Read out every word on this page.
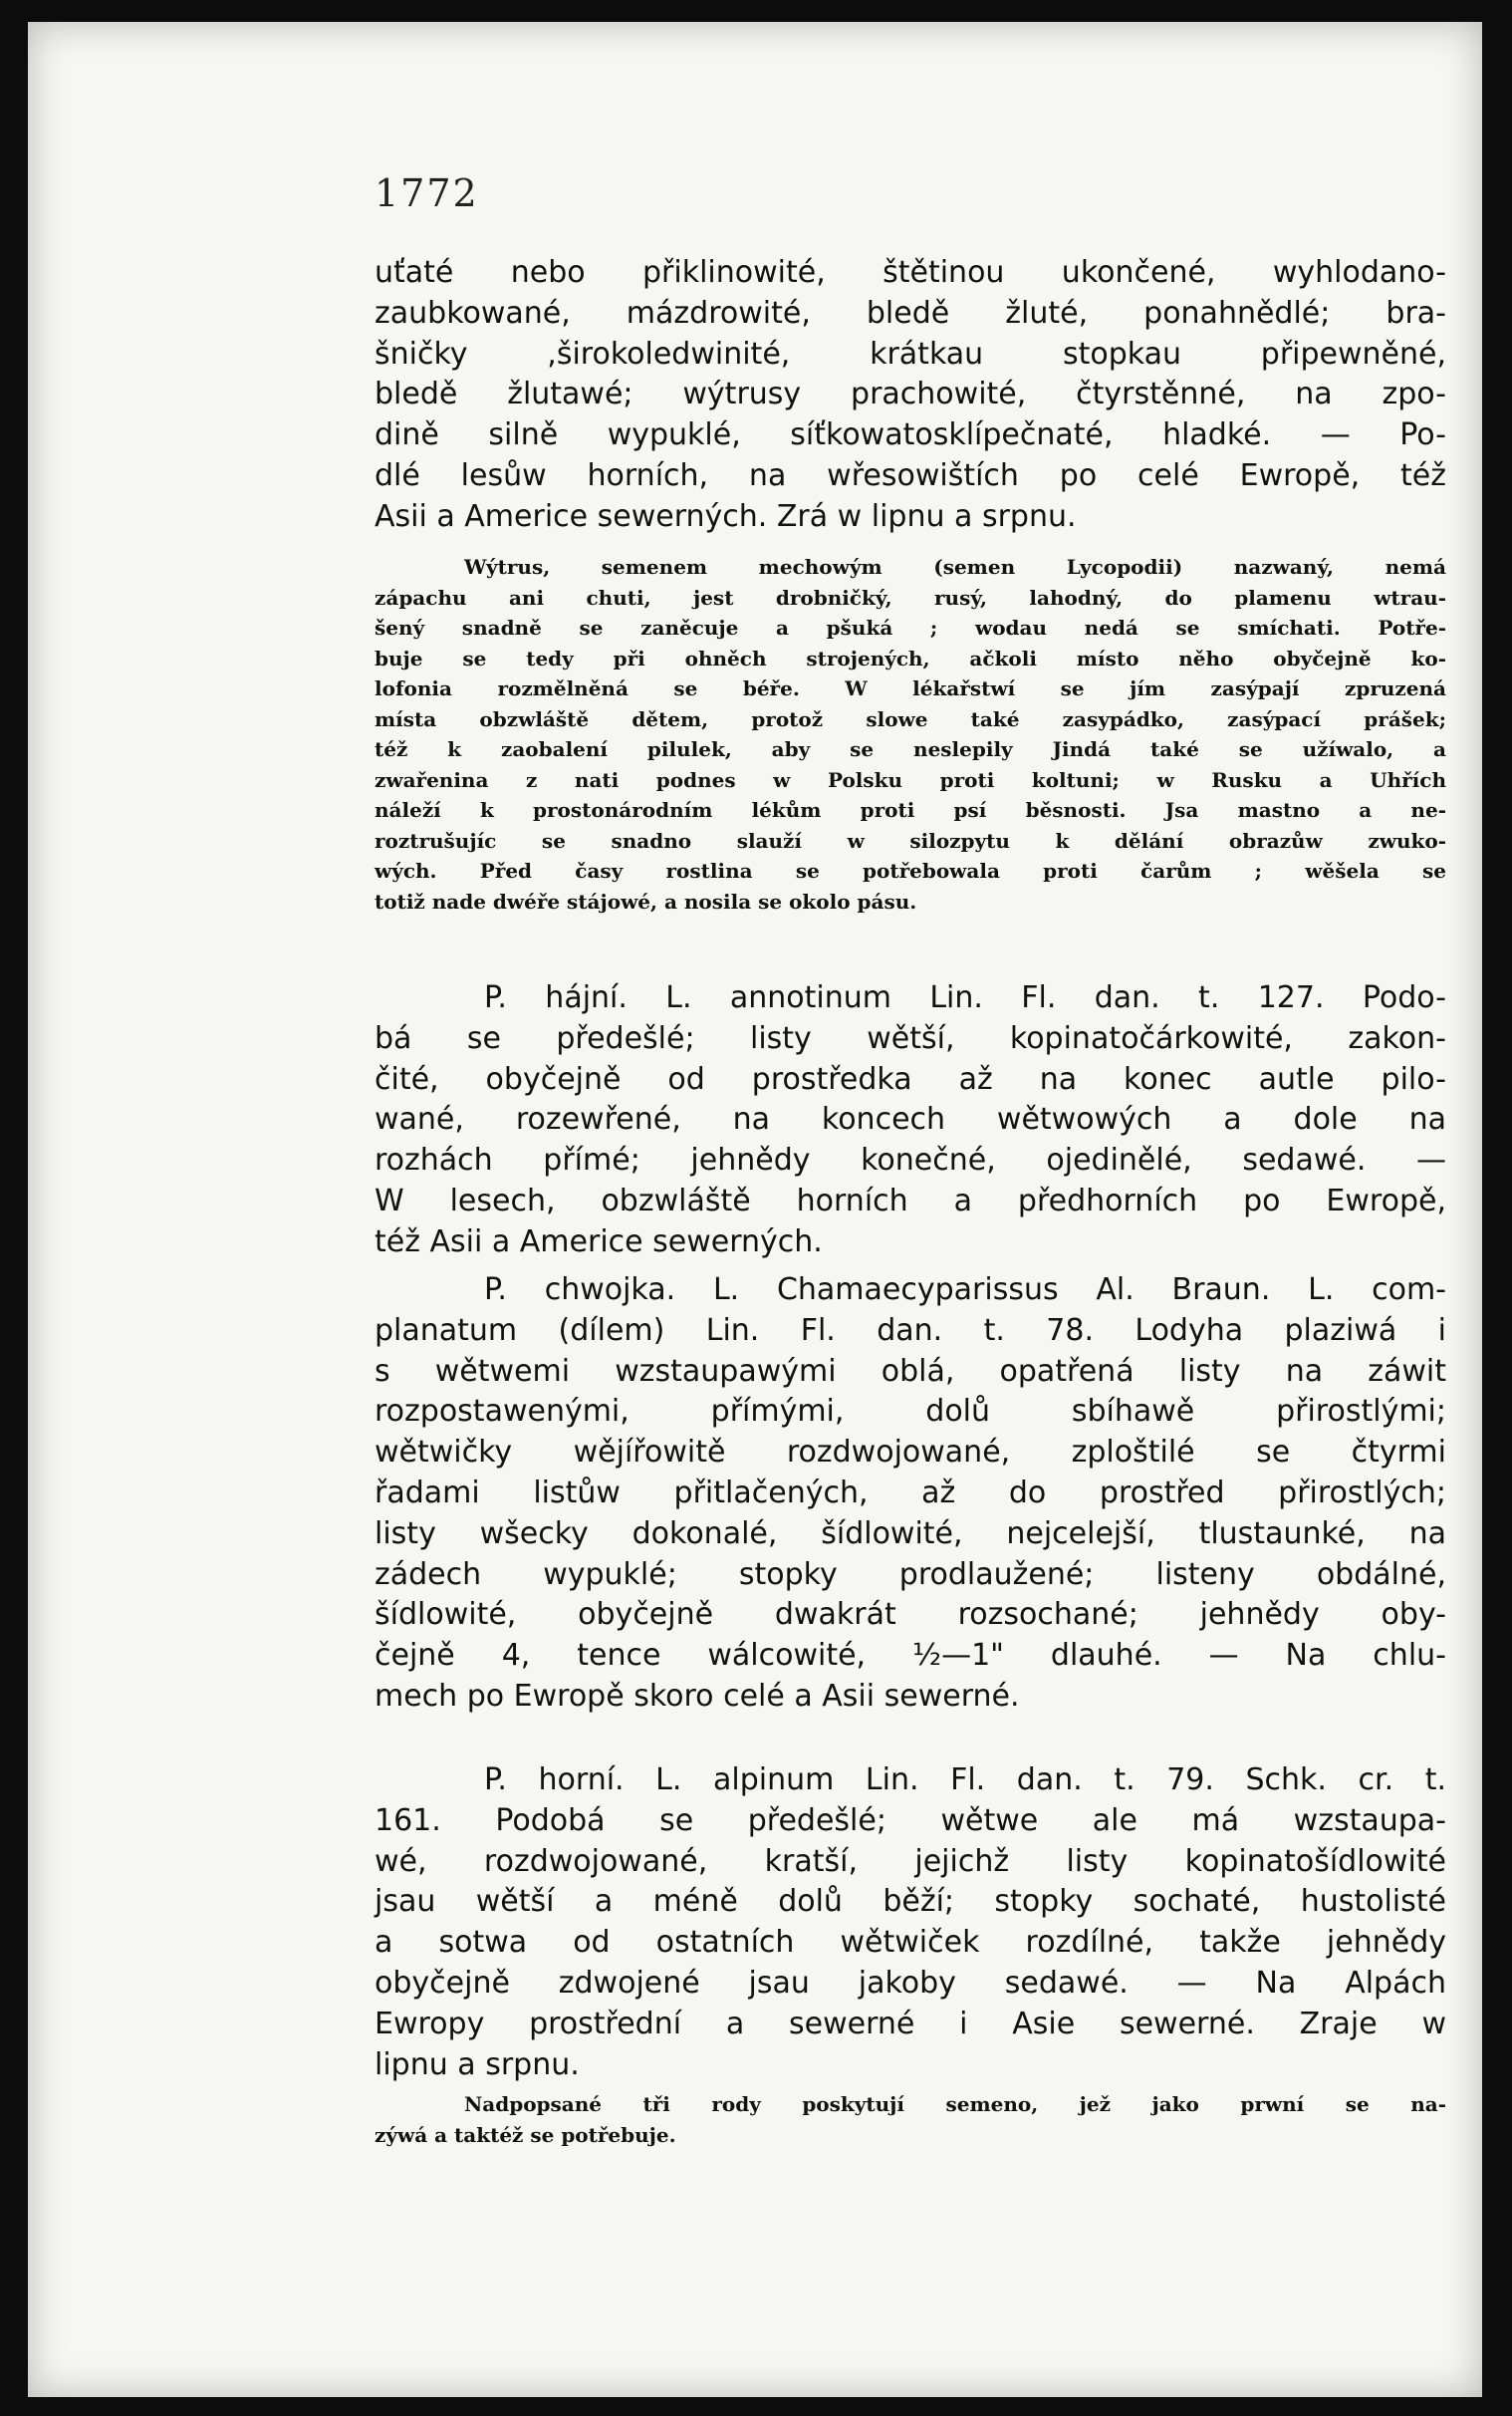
1772
uťaté nebo přiklinowité, štětinou ukončené, wyhlodano-
zaubkowané, mázdrowité, bledě žluté, ponahnědlé; bra-
šničky ,širokoledwinité, krátkau stopkau připewněné,
bledě žlutawé; wýtrusy prachowité, čtyrstěnné, na zpo-
dině silně wypuklé, síťkowatosklípečnaté, hladké. — Po-
dlé lesůw horních, na wřesowištích po celé Ewropě, též
Asii a Americe sewerných. Zrá w lipnu a srpnu.
Wýtrus, semenem mechowým (semen Lycopodii) nazwaný, nemá
zápachu ani chuti, jest drobničký, rusý, lahodný, do plamenu wtrau-
šený snadně se zaněcuje a pšuká ; wodau nedá se smíchati. Potře-
buje se tedy při ohněch strojených, ačkoli místo něho obyčejně ko-
lofonia rozmělněná se béře. W lékařstwí se jím zasýpají zpruzená
místa obzwláště dětem, protož slowe také zasypádko, zasýpací prášek;
též k zaobalení pilulek, aby se neslepily Jindá také se užíwalo, a
zwařenina z nati podnes w Polsku proti koltuni; w Rusku a Uhřích
náleží k prostonárodním lékům proti psí běsnosti. Jsa mastno a ne-
roztrušujíc se snadno slauží w silozpytu k dělání obrazůw zwuko-
wých. Před časy rostlina se potřebowala proti čarům ; wěšela se
totiž nade dwéře stájowé, a nosila se okolo pásu.
P. hájní. L. annotinum Lin. Fl. dan. t. 127. Podo-
bá se předešlé; listy wětší, kopinatočárkowité, zakon-
čité, obyčejně od prostředka až na konec autle pilo-
wané, rozewřené, na koncech wětwowých a dole na
rozhách přímé; jehnědy konečné, ojedinělé, sedawé. —
W lesech, obzwláště horních a předhorních po Ewropě,
též Asii a Americe sewerných.
P. chwojka. L. Chamaecyparissus Al. Braun. L. com-
planatum (dílem) Lin. Fl. dan. t. 78. Lodyha plaziwá i
s wětwemi wzstaupawými oblá, opatřená listy na záwit
rozpostawenými, přímými, dolů sbíhawě přirostlými;
wětwičky wějířowitě rozdwojowané, zploštilé se čtyrmi
řadami listůw přitlačených, až do prostřed přirostlých;
listy wšecky dokonalé, šídlowité, nejcelejší, tlustaunké, na
zádech wypuklé; stopky prodlaužené; listeny obdálné,
šídlowité, obyčejně dwakrát rozsochané; jehnědy oby-
čejně 4, tence wálcowité, ½—1" dlauhé. — Na chlu-
mech po Ewropě skoro celé a Asii sewerné.
P. horní. L. alpinum Lin. Fl. dan. t. 79. Schk. cr. t.
161. Podobá se předešlé; wětwe ale má wzstaupa-
wé, rozdwojowané, kratší, jejichž listy kopinatošídlowité
jsau wětší a méně dolů běží; stopky sochaté, hustolisté
a sotwa od ostatních wětwiček rozdílné, takže jehnědy
obyčejně zdwojené jsau jakoby sedawé. — Na Alpách
Ewropy prostřední a sewerné i Asie sewerné. Zraje w
lipnu a srpnu.
Nadpopsané tři rody poskytují semeno, jež jako prwní se na-
zýwá a taktéž se potřebuje.
